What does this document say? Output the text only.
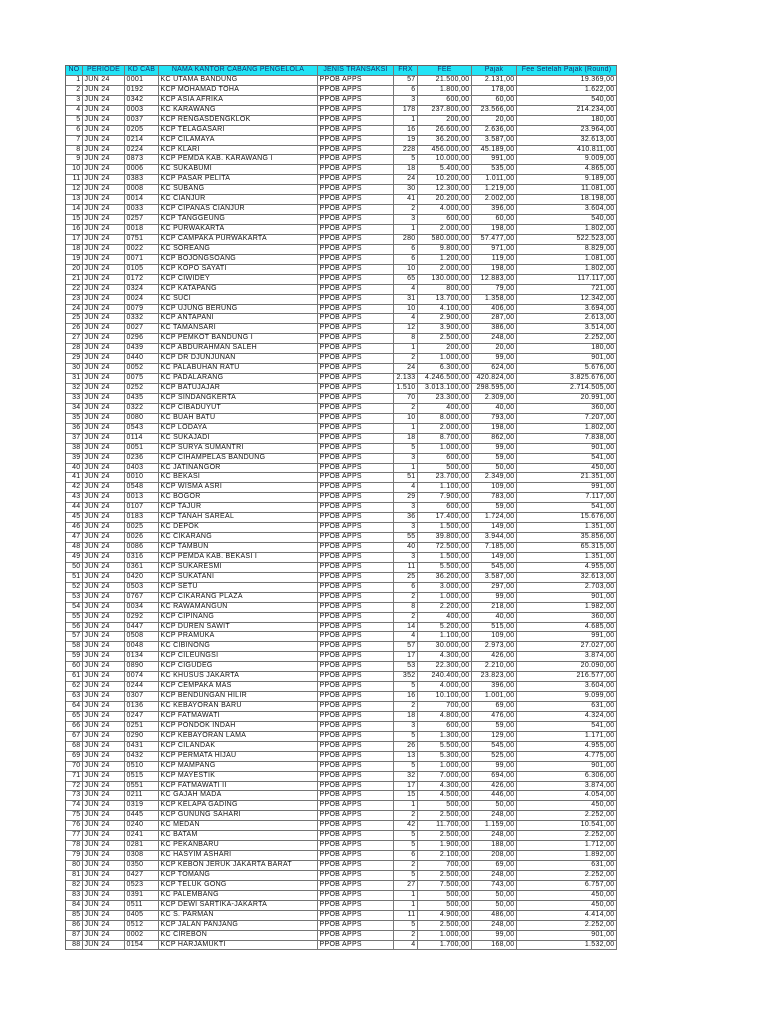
NO	PERIODE	KD CAB	NAMA KANTOR CABANG PENGELOLA	JENIS TRANSAKSI	FRX	FEE	Pajak	Fee Setelah Pajak (Round)
1 JUN 24	0001	KC UTAMA BANDUNG	PPOB APPS	57	21.500,00	2.131,00	19.369,00
2 JUN 24	0192	KCP MOHAMAD TOHA	PPOB APPS	6	1.800,00	178,00	1.622,00
3 JUN 24	0342	KCP ASIA AFRIKA	PPOB APPS	3	600,00	60,00	540,00
4 JUN 24	0003	KC KARAWANG	PPOB APPS	178	237.800,00	23.566,00	214.234,00
5 JUN 24	0037	KCP RENGASDENGKLOK	PPOB APPS	1	200,00	20,00	180,00
6 JUN 24	0205	KCP TELAGASARI	PPOB APPS	16	26.600,00	2.636,00	23.964,00
7 JUN 24	0214	KCP CILAMAYA	PPOB APPS	19	36.200,00	3.587,00	32.613,00
8 JUN 24	0224	KCP KLARI	PPOB APPS	228	456.000,00	45.189,00	410.811,00
9 JUN 24	0873	KCP PEMDA KAB. KARAWANG I	PPOB APPS	5	10.000,00	991,00	9.009,00
10 JUN 24	0006	KC SUKABUMI	PPOB APPS	18	5.400,00	535,00	4.865,00
11 JUN 24	0383	KCP PASAR PELITA	PPOB APPS	24	10.200,00	1.011,00	9.189,00
12 JUN 24	0008	KC SUBANG	PPOB APPS	30	12.300,00	1.219,00	11.081,00
13 JUN 24	0014	KC CIANJUR	PPOB APPS	41	20.200,00	2.002,00	18.198,00
14 JUN 24	0033	KCP CIPANAS CIANJUR	PPOB APPS	2	4.000,00	396,00	3.604,00
15 JUN 24	0257	KCP TANGGEUNG	PPOB APPS	3	600,00	60,00	540,00
16 JUN 24	0018	KC PURWAKARTA	PPOB APPS	1	2.000,00	198,00	1.802,00
17 JUN 24	0751	KCP CAMPAKA PURWAKARTA	PPOB APPS	280	580.000,00	57.477,00	522.523,00
18 JUN 24	0022	KC SOREANG	PPOB APPS	6	9.800,00	971,00	8.829,00
19 JUN 24	0071	KCP BOJONGSOANG	PPOB APPS	6	1.200,00	119,00	1.081,00
20 JUN 24	0105	KCP KOPO SAYATI	PPOB APPS	10	2.000,00	198,00	1.802,00
21 JUN 24	0172	KCP CIWIDEY	PPOB APPS	65	130.000,00	12.883,00	117.117,00
22 JUN 24	0324	KCP KATAPANG	PPOB APPS	4	800,00	79,00	721,00
23 JUN 24	0024	KC SUCI	PPOB APPS	31	13.700,00	1.358,00	12.342,00
24 JUN 24	0079	KCP UJUNG BERUNG	PPOB APPS	10	4.100,00	406,00	3.694,00
25 JUN 24	0332	KCP ANTAPANI	PPOB APPS	4	2.900,00	287,00	2.613,00
26 JUN 24	0027	KC TAMANSARI	PPOB APPS	12	3.900,00	386,00	3.514,00
27 JUN 24	0296	KCP PEMKOT BANDUNG I	PPOB APPS	8	2.500,00	248,00	2.252,00
28 JUN 24	0439	KCP ABDURAHMAN SALEH	PPOB APPS	1	200,00	20,00	180,00
29 JUN 24	0440	KCP DR DJUNJUNAN	PPOB APPS	2	1.000,00	99,00	901,00
30 JUN 24	0052	KC PALABUHAN RATU	PPOB APPS	24	6.300,00	624,00	5.676,00
31 JUN 24	0075	KC PADALARANG	PPOB APPS	2.133	4.246.500,00 420.824,00	3.825.676,00
32 JUN 24	0252	KCP BATUJAJAR	PPOB APPS	1.510	3.013.100,00 298.595,00	2.714.505,00
33 JUN 24	0435	KCP SINDANGKERTA	PPOB APPS	70	23.300,00	2.309,00	20.991,00
34 JUN 24	0322	KCP CIBADUYUT	PPOB APPS	2	400,00	40,00	360,00
35 JUN 24	0080	KC BUAH BATU	PPOB APPS	10	8.000,00	793,00	7.207,00
36 JUN 24	0543	KCP LODAYA	PPOB APPS	1	2.000,00	198,00	1.802,00
37 JUN 24	0114	KC SUKAJADI	PPOB APPS	18	8.700,00	862,00	7.838,00
38 JUN 24	0051	KCP SURYA SUMANTRI	PPOB APPS	5	1.000,00	99,00	901,00
39 JUN 24	0236	KCP CIHAMPELAS BANDUNG	PPOB APPS	3	600,00	59,00	541,00
40 JUN 24	0403	KC JATINANGOR	PPOB APPS	1	500,00	50,00	450,00
41 JUN 24	0010	KC BEKASI	PPOB APPS	51	23.700,00	2.349,00	21.351,00
42 JUN 24	0548	KCP WISMA ASRI	PPOB APPS	4	1.100,00	109,00	991,00
43 JUN 24	0013	KC BOGOR	PPOB APPS	29	7.900,00	783,00	7.117,00
44 JUN 24	0107	KCP TAJUR	PPOB APPS	3	600,00	59,00	541,00
45 JUN 24	0183	KCP TANAH SAREAL	PPOB APPS	36	17.400,00	1.724,00	15.676,00
46 JUN 24	0025	KC DEPOK	PPOB APPS	3	1.500,00	149,00	1.351,00
47 JUN 24	0026	KC CIKARANG	PPOB APPS	55	39.800,00	3.944,00	35.856,00
48 JUN 24	0086	KCP TAMBUN	PPOB APPS	40	72.500,00	7.185,00	65.315,00
49 JUN 24	0316	KCP PEMDA KAB. BEKASI I	PPOB APPS	3	1.500,00	149,00	1.351,00
50 JUN 24	0361	KCP SUKARESMI	PPOB APPS	11	5.500,00	545,00	4.955,00
51 JUN 24	0420	KCP SUKATANI	PPOB APPS	25	36.200,00	3.587,00	32.613,00
52 JUN 24	0503	KCP SETU	PPOB APPS	6	3.000,00	297,00	2.703,00
53 JUN 24	0767	KCP CIKARANG PLAZA	PPOB APPS	2	1.000,00	99,00	901,00
54 JUN 24	0034	KC RAWAMANGUN	PPOB APPS	8	2.200,00	218,00	1.982,00
55 JUN 24	0292	KCP CIPINANG	PPOB APPS	2	400,00	40,00	360,00
56 JUN 24	0447	KCP DUREN SAWIT	PPOB APPS	14	5.200,00	515,00	4.685,00
57 JUN 24	0508	KCP PRAMUKA	PPOB APPS	4	1.100,00	109,00	991,00
58 JUN 24	0048	KC CIBINONG	PPOB APPS	57	30.000,00	2.973,00	27.027,00
59 JUN 24	0134	KCP CILEUNGSI	PPOB APPS	17	4.300,00	426,00	3.874,00
60 JUN 24	0890	KCP CIGUDEG	PPOB APPS	53	22.300,00	2.210,00	20.090,00
61 JUN 24	0074	KC KHUSUS JAKARTA	PPOB APPS	352	240.400,00	23.823,00	216.577,00
62 JUN 24	0244	KCP CEMPAKA MAS	PPOB APPS	5	4.000,00	396,00	3.604,00
63 JUN 24	0307	KCP BENDUNGAN HILIR	PPOB APPS	16	10.100,00	1.001,00	9.099,00
64 JUN 24	0136	KC KEBAYORAN BARU	PPOB APPS	2	700,00	69,00	631,00
65 JUN 24	0247	KCP FATMAWATI	PPOB APPS	18	4.800,00	476,00	4.324,00
66 JUN 24	0251	KCP PONDOK INDAH	PPOB APPS	3	600,00	59,00	541,00
67 JUN 24	0290	KCP KEBAYORAN LAMA	PPOB APPS	5	1.300,00	129,00	1.171,00
68 JUN 24	0431	KCP CILANDAK	PPOB APPS	26	5.500,00	545,00	4.955,00
69 JUN 24	0432	KCP PERMATA HIJAU	PPOB APPS	13	5.300,00	525,00	4.775,00
70 JUN 24	0510	KCP MAMPANG	PPOB APPS	5	1.000,00	99,00	901,00
71 JUN 24	0515	KCP MAYESTIK	PPOB APPS	32	7.000,00	694,00	6.306,00
72 JUN 24	0551	KCP FATMAWATI II	PPOB APPS	17	4.300,00	426,00	3.874,00
73 JUN 24	0211	KC GAJAH MADA	PPOB APPS	15	4.500,00	446,00	4.054,00
74 JUN 24	0319	KCP KELAPA GADING	PPOB APPS	1	500,00	50,00	450,00
75 JUN 24	0445	KCP GUNUNG SAHARI	PPOB APPS	2	2.500,00	248,00	2.252,00
76 JUN 24	0240	KC MEDAN	PPOB APPS	42	11.700,00	1.159,00	10.541,00
77 JUN 24	0241	KC BATAM	PPOB APPS	5	2.500,00	248,00	2.252,00
78 JUN 24	0281	KC PEKANBARU	PPOB APPS	5	1.900,00	188,00	1.712,00
79 JUN 24	0308	KC HASYIM ASHARI	PPOB APPS	6	2.100,00	208,00	1.892,00
80 JUN 24	0350	KCP KEBON JERUK JAKARTA BARAT	PPOB APPS	2	700,00	69,00	631,00
81 JUN 24	0427	KCP TOMANG	PPOB APPS	5	2.500,00	248,00	2.252,00
82 JUN 24	0523	KCP TELUK GONG	PPOB APPS	27	7.500,00	743,00	6.757,00
83 JUN 24	0391	KC PALEMBANG	PPOB APPS	1	500,00	50,00	450,00
84 JUN 24	0511	KCP DEWI SARTIKA-JAKARTA	PPOB APPS	1	500,00	50,00	450,00
85 JUN 24	0405	KC S. PARMAN	PPOB APPS	11	4.900,00	486,00	4.414,00
86 JUN 24	0512	KCP JALAN PANJANG	PPOB APPS	5	2.500,00	248,00	2.252,00
87 JUN 24	0002	KC CIREBON	PPOB APPS	2	1.000,00	99,00	901,00
88 JUN 24	0154	KCP HARJAMUKTI	PPOB APPS	4	1.700,00	168,00	1.532,00
